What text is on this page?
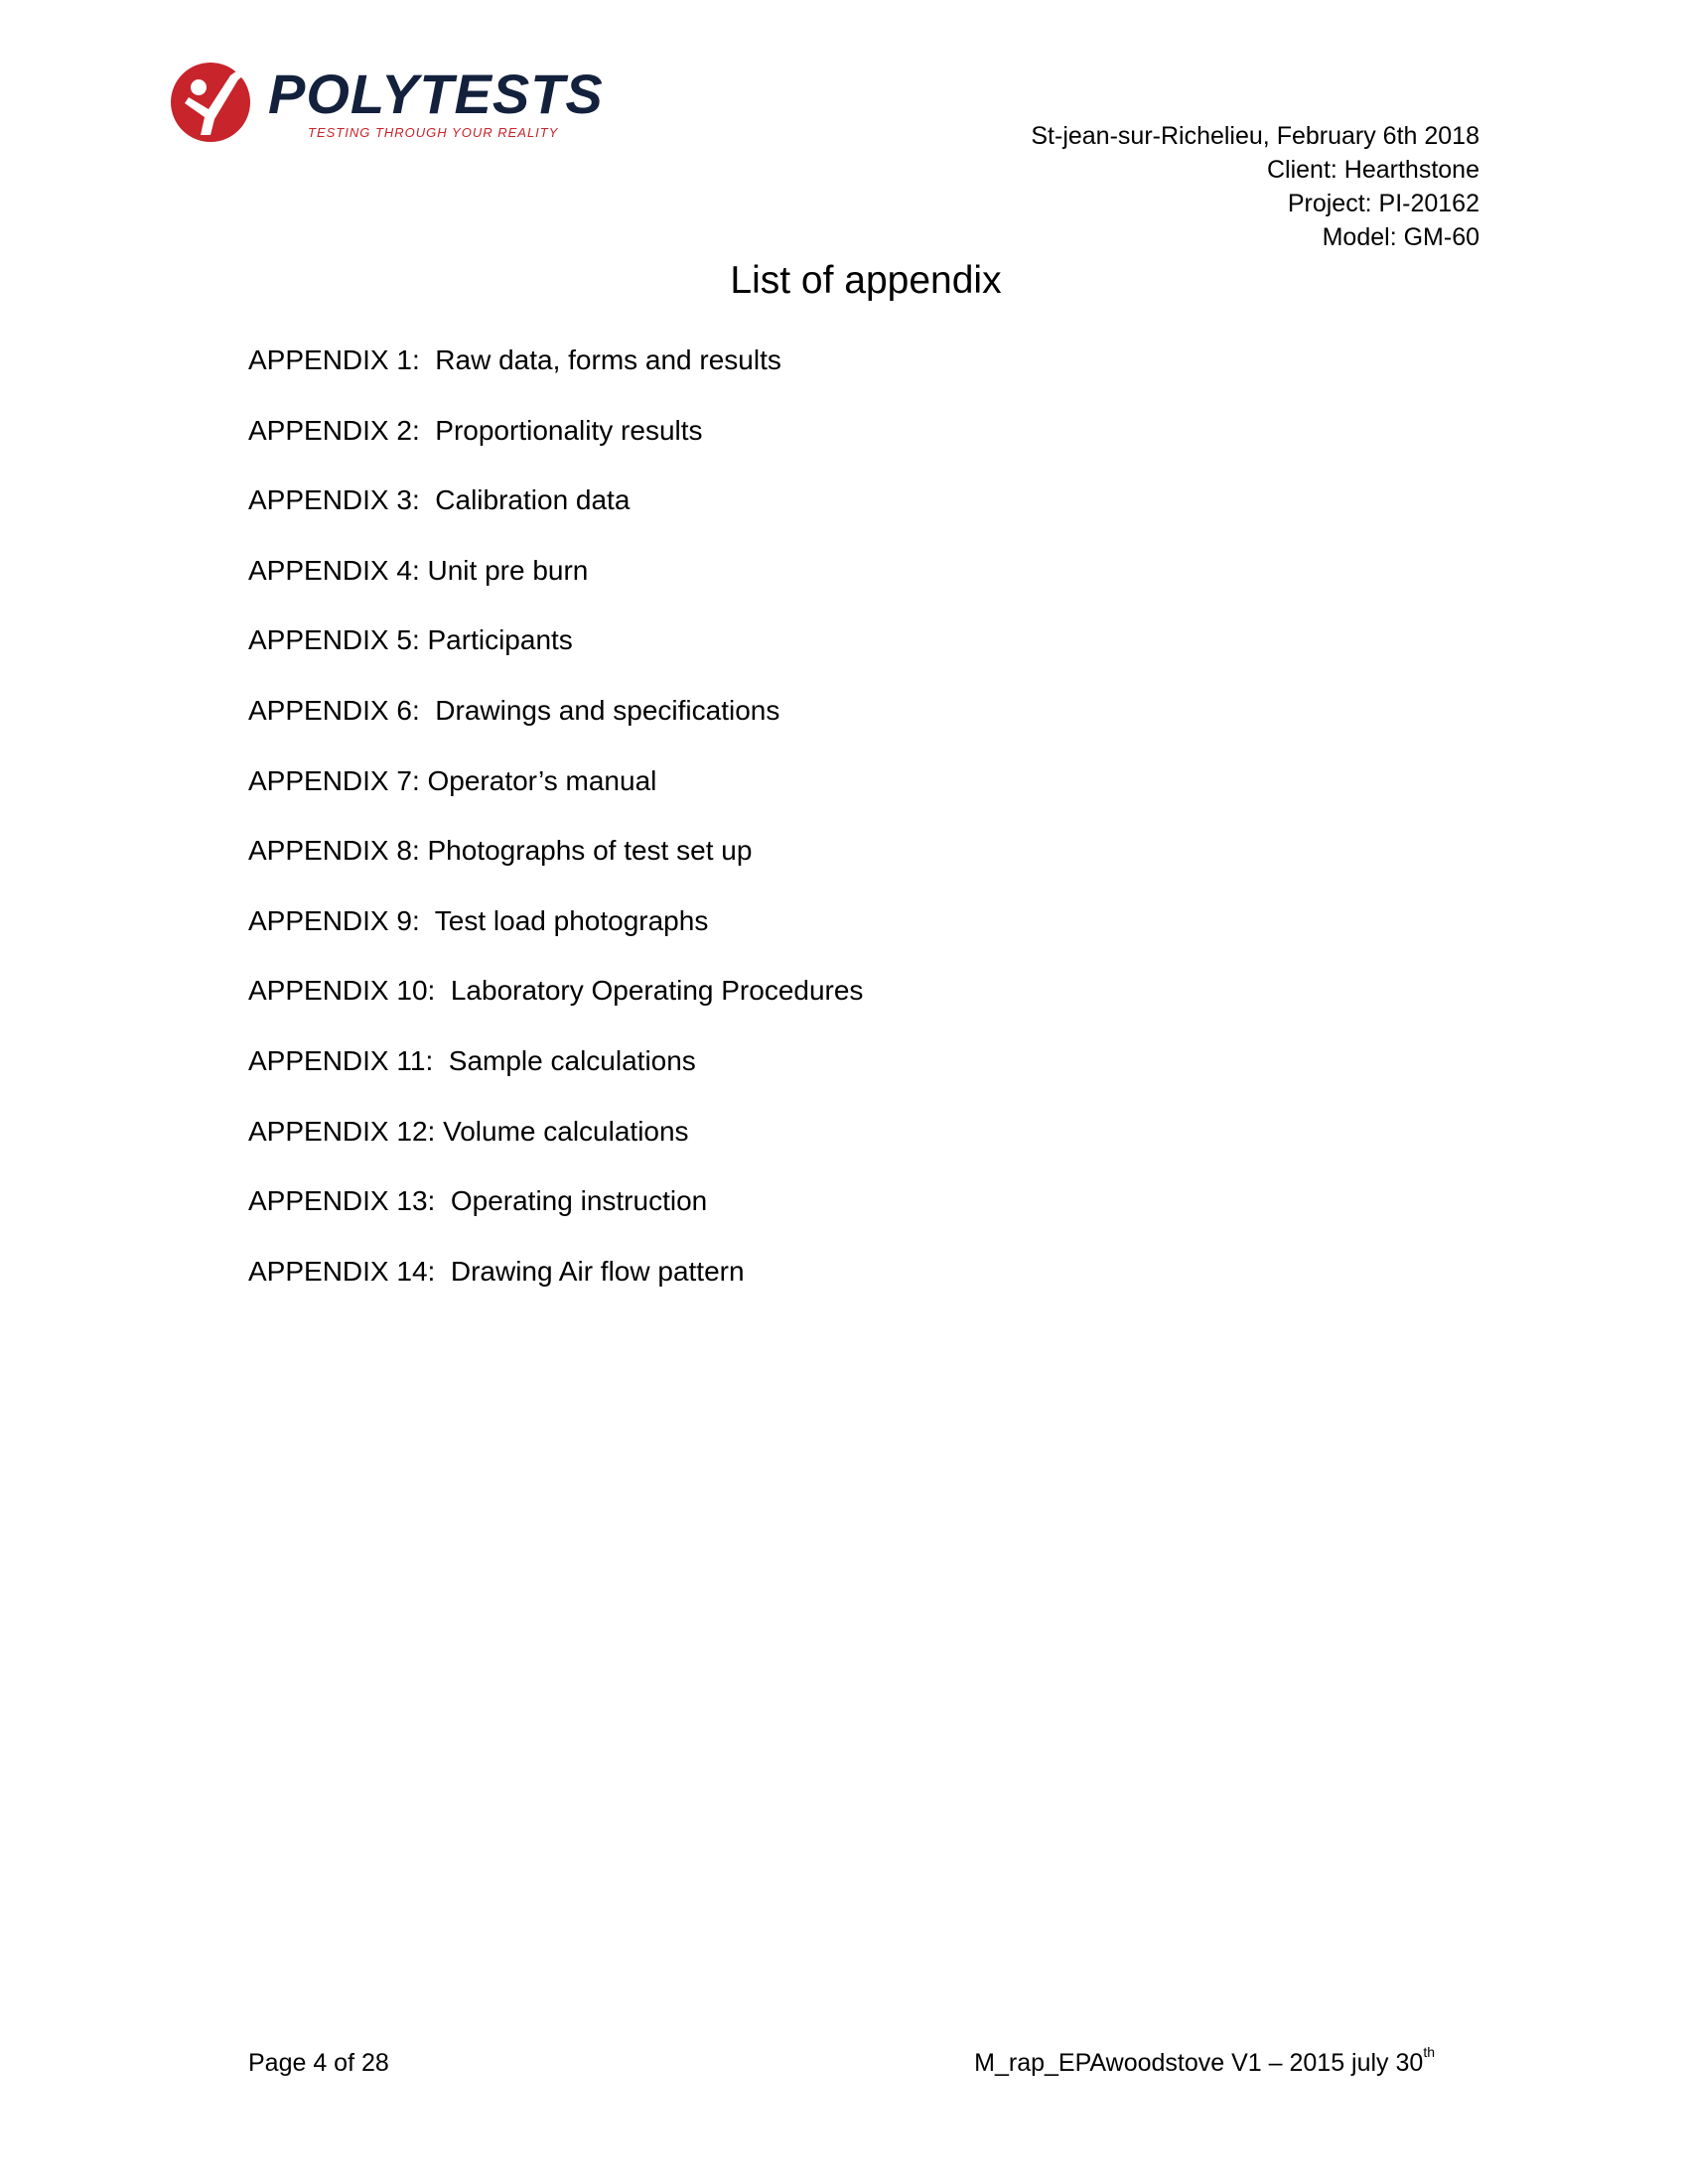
POLYTESTS
TESTING THROUGH YOUR REALITY	St-jean-sur-Richelieu, February 6th 2018
Client: Hearthstone
Project: PI-20162
Model: GM-60
List of appendix
APPENDIX 1:  Raw data, forms and results
APPENDIX 2:  Proportionality results
APPENDIX 3:  Calibration data
APPENDIX 4: Unit pre burn
APPENDIX 5: Participants
APPENDIX 6:  Drawings and specifications
APPENDIX 7: Operator’s manual
APPENDIX 8: Photographs of test set up
APPENDIX 9:  Test load photographs
APPENDIX 10:  Laboratory Operating Procedures
APPENDIX 11:  Sample calculations
APPENDIX 12: Volume calculations
APPENDIX 13:  Operating instruction
APPENDIX 14:  Drawing Air flow pattern
Page 4 of 28	M_rap_EPAwoodstove V1 – 2015 july 30th
